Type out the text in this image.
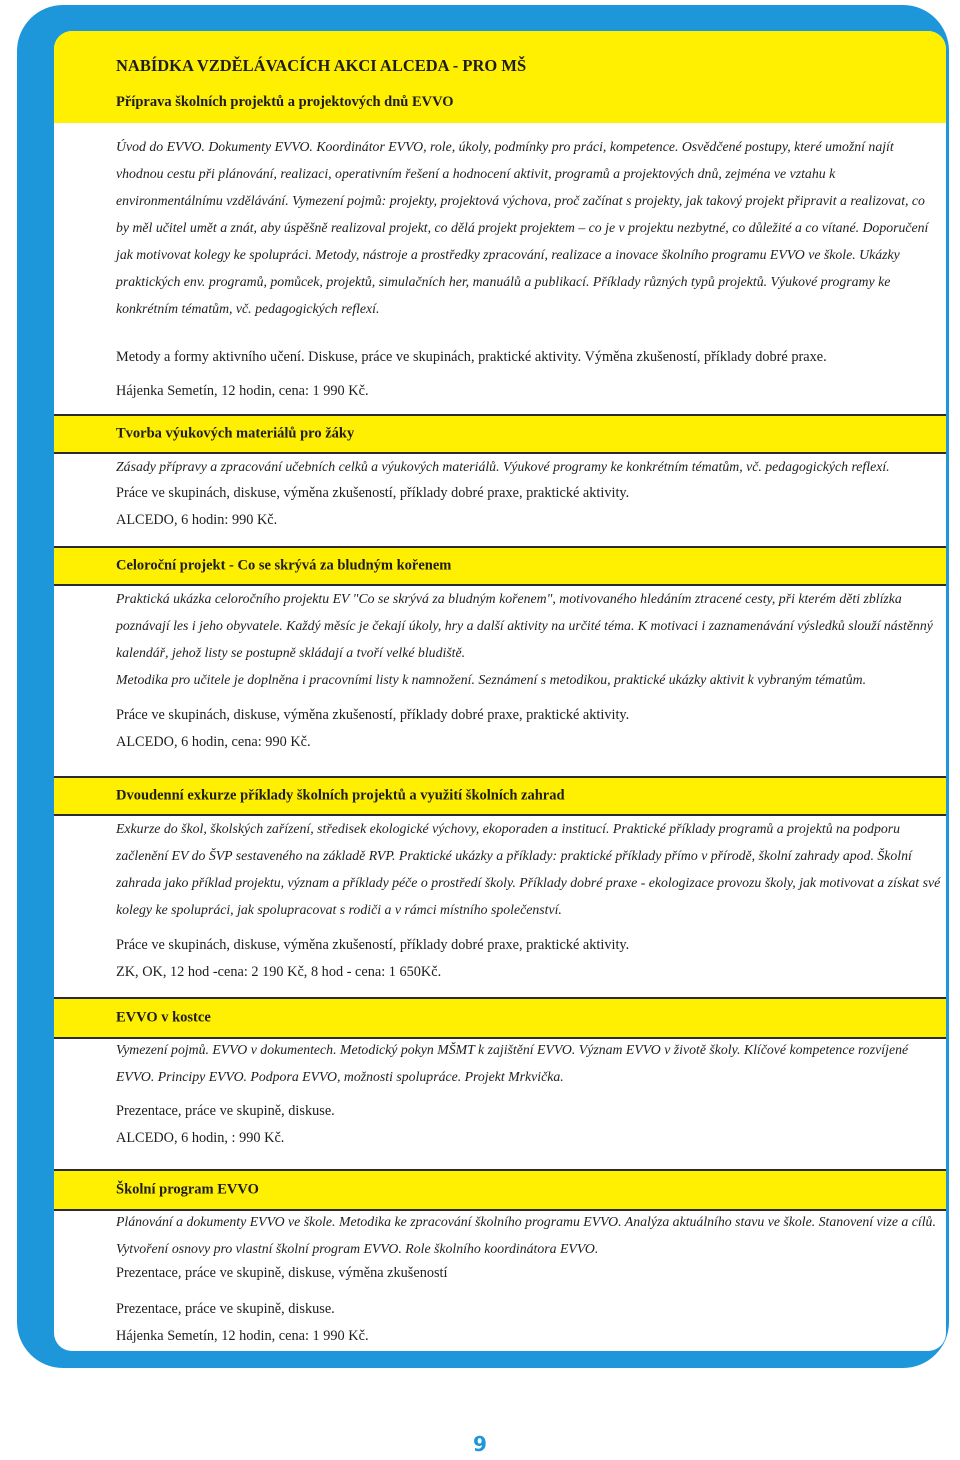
NABÍDKA VZDĚLÁVACÍCH AKCI ALCEDA - PRO MŠ
Příprava školních projektů a projektových dnů EVVO
Úvod do EVVO. Dokumenty EVVO. Koordinátor EVVO, role, úkoly, podmínky pro práci, kompetence. Osvědčené postupy, které umožní najít vhodnou cestu při plánování, realizaci, operativním řešení a hodnocení aktivit, programů a projektových dnů, zejména ve vztahu k environmentálnímu vzdělávání. Vymezení pojmů: projekty, projektová výchova, proč začínat s projekty, jak takový projekt připravit a realizovat, co by měl učitel umět a znát, aby úspěšně realizoval projekt, co dělá projekt projektem – co je v projektu nezbytné, co důležité a co vítané. Doporučení jak motivovat kolegy ke spolupráci. Metody, nástroje a prostředky zpracování, realizace a inovace školního programu EVVO ve škole. Ukázky praktických env. programů, pomůcek, projektů, simulačních her, manuálů a publikací. Příklady různých typů projektů. Výukové programy ke konkrétním tématům, vč. pedagogických reflexí.
Metody a formy aktivního učení. Diskuse, práce ve skupinách, praktické aktivity. Výměna zkušeností, příklady dobré praxe.
Hájenka Semetín, 12 hodin, cena: 1 990 Kč.
Tvorba výukových materiálů pro žáky
Zásady přípravy a zpracování učebních celků a výukových materiálů. Výukové programy ke konkrétním tématům, vč. pedagogických reflexí.
Práce ve skupinách, diskuse, výměna zkušeností, příklady dobré praxe, praktické aktivity.
ALCEDO, 6 hodin: 990 Kč.
Celoroční projekt - Co se skrývá za bludným kořenem
Praktická ukázka celoročního projektu EV "Co se skrývá za bludným kořenem", motivovaného hledáním ztracené cesty, při kterém děti zblízka poznávají les i jeho obyvatele. Každý měsíc je čekají úkoly, hry a další aktivity na určité téma. K motivaci i zaznamenávání výsledků slouží nástěnný kalendář, jehož listy se postupně skládají a tvoří velké bludiště.
Metodika pro učitele je doplněna i pracovními listy k namnožení. Seznámení s metodikou, praktické ukázky aktivit k vybraným tématům.
Práce ve skupinách, diskuse, výměna zkušeností, příklady dobré praxe, praktické aktivity.
ALCEDO, 6 hodin, cena: 990 Kč.
Dvoudenní exkurze příklady školních projektů a využití školních zahrad
Exkurze do škol, školských zařízení, středisek ekologické výchovy, ekoporaden a institucí. Praktické příklady programů a projektů na podporu začlenění EV do ŠVP sestaveného na základě RVP. Praktické ukázky a příklady: praktické příklady přímo v přírodě, školní zahrady apod. Školní zahrada jako příklad projektu, význam a příklady péče o prostředí školy. Příklady dobré praxe - ekologizace provozu školy, jak motivovat a získat své kolegy ke spolupráci, jak spolupracovat s rodiči a v rámci místního společenství.
Práce ve skupinách, diskuse, výměna zkušeností, příklady dobré praxe, praktické aktivity.
ZK, OK, 12 hod -cena: 2 190 Kč, 8 hod - cena: 1 650Kč.
EVVO v kostce
Vymezení pojmů. EVVO v dokumentech. Metodický pokyn MŠMT k zajištění EVVO. Význam EVVO v životě školy. Klíčové kompetence rozvíjené EVVO. Principy EVVO. Podpora EVVO, možnosti spolupráce. Projekt Mrkvička.
Prezentace, práce ve skupině, diskuse.
ALCEDO, 6 hodin, : 990 Kč.
Školní program EVVO
Plánování a dokumenty EVVO ve škole. Metodika ke zpracování školního programu EVVO. Analýza aktuálního stavu ve škole. Stanovení vize a cílů. Vytvoření osnovy pro vlastní školní program EVVO. Role školního koordinátora EVVO.
Prezentace, práce ve skupině, diskuse, výměna zkušeností
Prezentace, práce ve skupině, diskuse.
Hájenka Semetín, 12 hodin, cena: 1 990 Kč.
9
